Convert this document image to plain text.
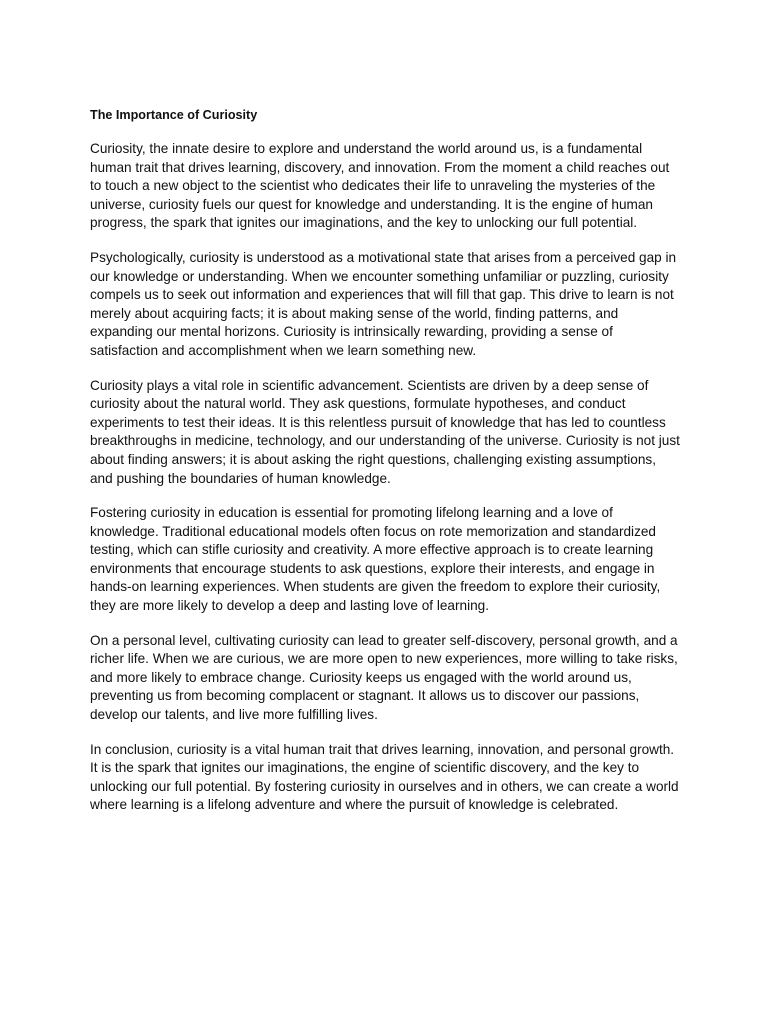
The Importance of Curiosity

Curiosity, the innate desire to explore and understand the world around us, is a fundamental human trait that drives learning, discovery, and innovation. From the moment a child reaches out to touch a new object to the scientist who dedicates their life to unraveling the mysteries of the universe, curiosity fuels our quest for knowledge and understanding. It is the engine of human progress, the spark that ignites our imaginations, and the key to unlocking our full potential.

Psychologically, curiosity is understood as a motivational state that arises from a perceived gap in our knowledge or understanding. When we encounter something unfamiliar or puzzling, curiosity compels us to seek out information and experiences that will fill that gap. This drive to learn is not merely about acquiring facts; it is about making sense of the world, finding patterns, and expanding our mental horizons. Curiosity is intrinsically rewarding, providing a sense of satisfaction and accomplishment when we learn something new.

Curiosity plays a vital role in scientific advancement. Scientists are driven by a deep sense of curiosity about the natural world. They ask questions, formulate hypotheses, and conduct experiments to test their ideas. It is this relentless pursuit of knowledge that has led to countless breakthroughs in medicine, technology, and our understanding of the universe. Curiosity is not just about finding answers; it is about asking the right questions, challenging existing assumptions, and pushing the boundaries of human knowledge.

Fostering curiosity in education is essential for promoting lifelong learning and a love of knowledge. Traditional educational models often focus on rote memorization and standardized testing, which can stifle curiosity and creativity. A more effective approach is to create learning environments that encourage students to ask questions, explore their interests, and engage in hands-on learning experiences. When students are given the freedom to explore their curiosity, they are more likely to develop a deep and lasting love of learning.

On a personal level, cultivating curiosity can lead to greater self-discovery, personal growth, and a richer life. When we are curious, we are more open to new experiences, more willing to take risks, and more likely to embrace change. Curiosity keeps us engaged with the world around us, preventing us from becoming complacent or stagnant. It allows us to discover our passions, develop our talents, and live more fulfilling lives.

In conclusion, curiosity is a vital human trait that drives learning, innovation, and personal growth. It is the spark that ignites our imaginations, the engine of scientific discovery, and the key to unlocking our full potential. By fostering curiosity in ourselves and in others, we can create a world where learning is a lifelong adventure and where the pursuit of knowledge is celebrated.
